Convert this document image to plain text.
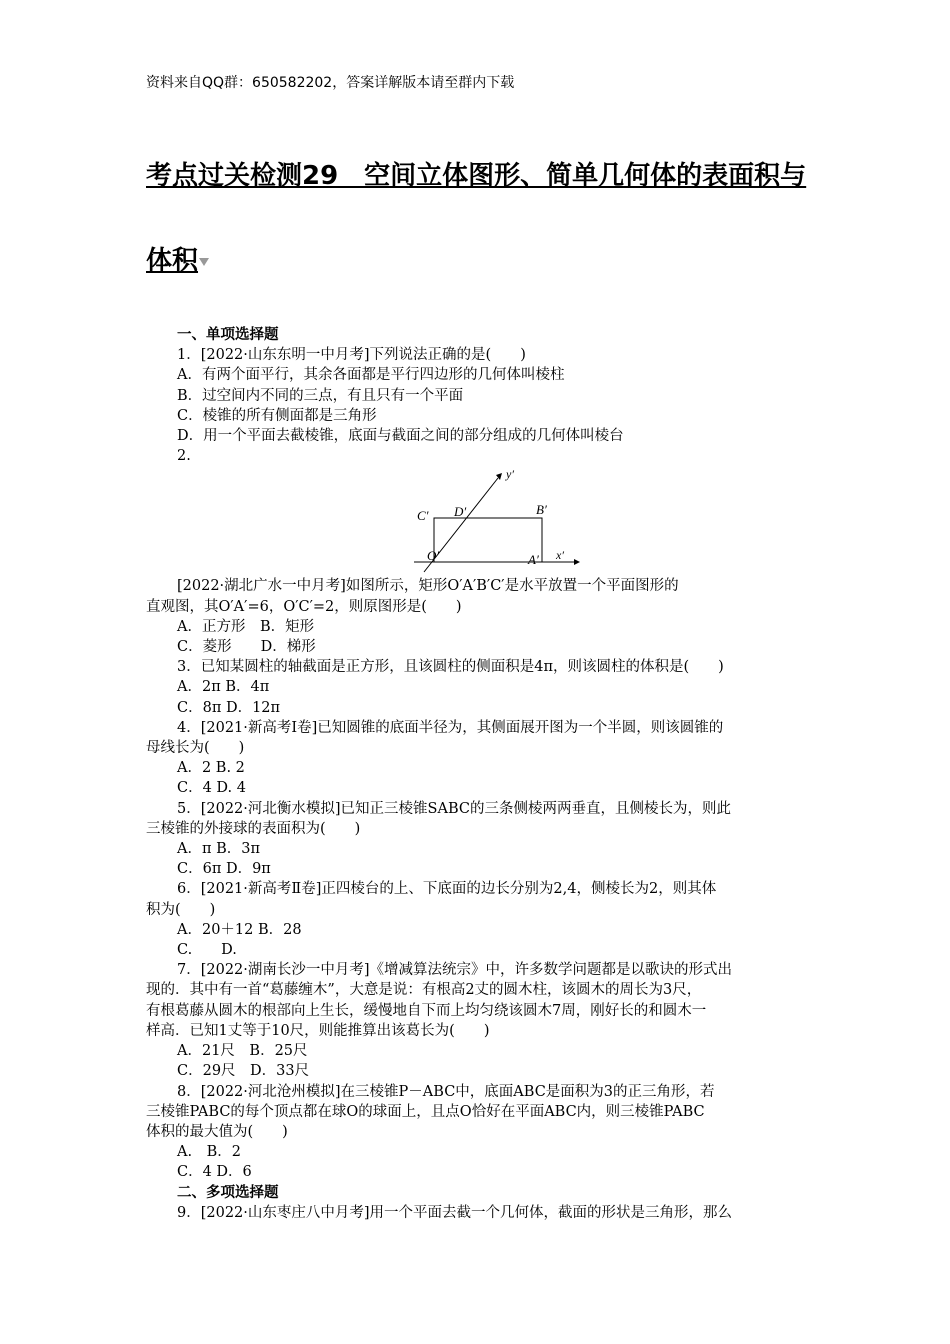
资料来自QQ群：650582202，答案详解版本请至群内下载
考点过关检测29　空间立体图形、简单几何体的表面积与
体积
一、单项选择题
1．[2022·山东东明一中月考]下列说法正确的是(　　)
A．有两个面平行，其余各面都是平行四边形的几何体叫棱柱
B．过空间内不同的三点，有且只有一个平面
C．棱锥的所有侧面都是三角形
D．用一个平面去截棱锥，底面与截面之间的部分组成的几何体叫棱台
2.
C′ D′	B′
O′	A′ x′
y′
[2022·湖北广水一中月考]如图所示，矩形O′A′B′C′是水平放置一个平面图形的
直观图，其O′A′=6，O′C′=2，则原图形是(　　)
A．正方形　B．矩形
C．菱形　　D．梯形
3．已知某圆柱的轴截面是正方形，且该圆柱的侧面积是4π，则该圆柱的体积是(　　)
A．2π B．4π
C．8π D．12π
4．[2021·新高考Ⅰ卷]已知圆锥的底面半径为，其侧面展开图为一个半圆，则该圆锥的
母线长为(　　)
A．2 B. 2
C．4 D. 4
5．[2022·河北衡水模拟]已知正三棱锥SABC的三条侧棱两两垂直，且侧棱长为，则此
三棱锥的外接球的表面积为(　　)
A．π B．3π
C．6π D．9π
6．[2021·新高考Ⅱ卷]正四棱台的上、下底面的边长分别为2,4，侧棱长为2，则其体
积为(　　)
A．20＋12 B．28
C.　　D.
7．[2022·湖南长沙一中月考]《增减算法统宗》中，许多数学问题都是以歌诀的形式出
现的．其中有一首“葛藤缠木”，大意是说：有根高2丈的圆木柱，该圆木的周长为3尺，
有根葛藤从圆木的根部向上生长，缓慢地自下而上均匀绕该圆木7周，刚好长的和圆木一
样高．已知1丈等于10尺，则能推算出该葛长为(　　)
A．21尺　B．25尺
C．29尺　D．33尺
8．[2022·河北沧州模拟]在三棱锥P－ABC中，底面ABC是面积为3的正三角形，若
三棱锥PABC的每个顶点都在球O的球面上，且点O恰好在平面ABC内，则三棱锥PABC
体积的最大值为(　　)
A.　B．2
C．4 D．6
二、多项选择题
9．[2022·山东枣庄八中月考]用一个平面去截一个几何体，截面的形状是三角形，那么
